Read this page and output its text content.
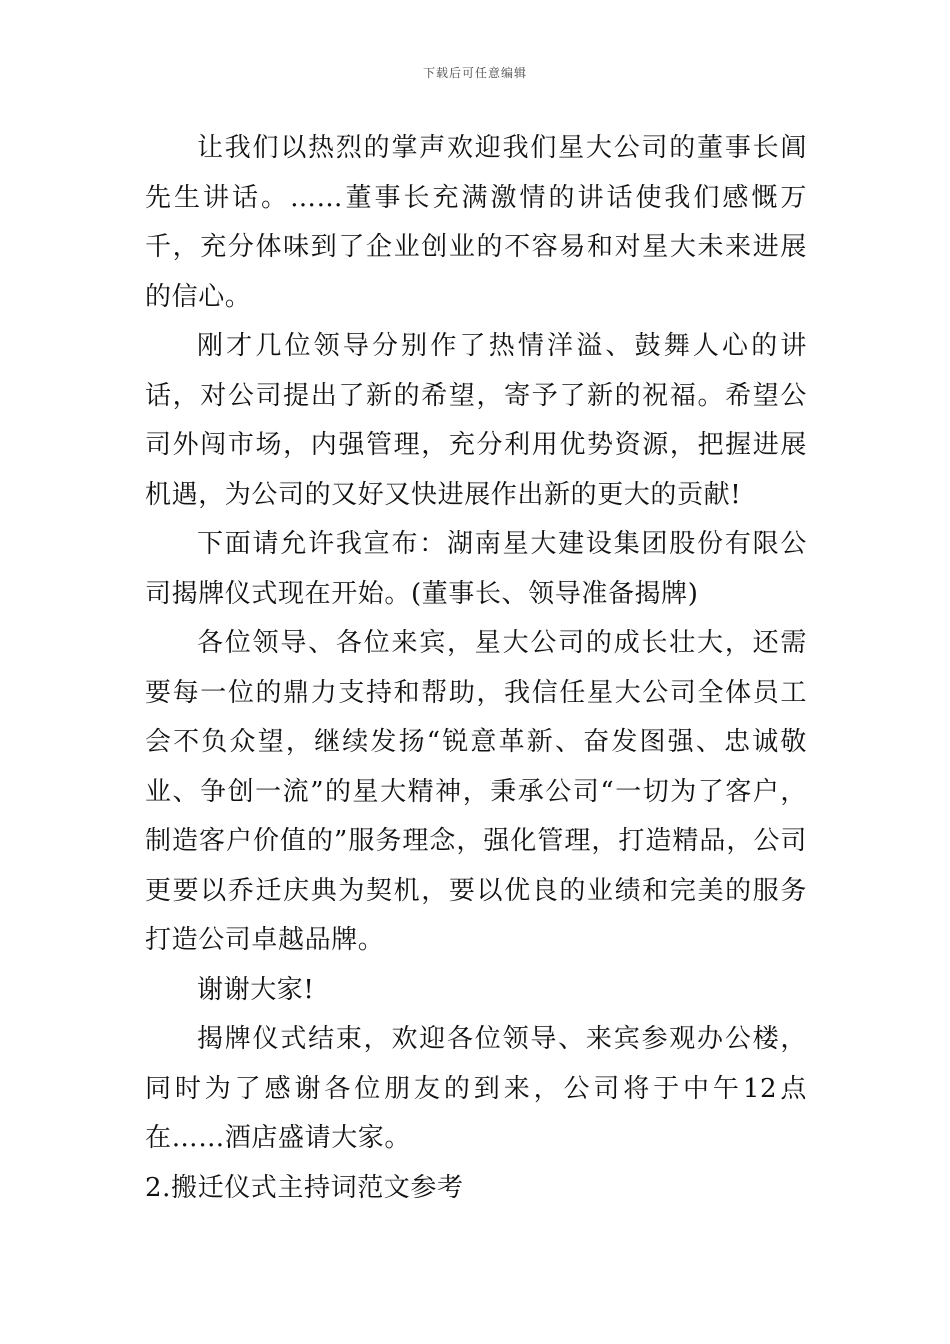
下载后可任意编辑

让我们以热烈的掌声欢迎我们星大公司的董事长阊先生讲话。……董事长充满激情的讲话使我们感慨万千，充分体味到了企业创业的不容易和对星大未来进展的信心。

刚才几位领导分别作了热情洋溢、鼓舞人心的讲话，对公司提出了新的希望，寄予了新的祝福。希望公司外闯市场，内强管理，充分利用优势资源，把握进展机遇，为公司的又好又快进展作出新的更大的贡献!

下面请允许我宣布：湖南星大建设集团股份有限公司揭牌仪式现在开始。(董事长、领导准备揭牌)

各位领导、各位来宾，星大公司的成长壮大，还需要每一位的鼎力支持和帮助，我信任星大公司全体员工会不负众望，继续发扬“锐意革新、奋发图强、忠诚敬业、争创一流”的星大精神，秉承公司“一切为了客户，制造客户价值的”服务理念，强化管理，打造精品，公司更要以乔迁庆典为契机，要以优良的业绩和完美的服务打造公司卓越品牌。

谢谢大家!

揭牌仪式结束，欢迎各位领导、来宾参观办公楼，同时为了感谢各位朋友的到来，公司将于中午12点在……酒店盛请大家。

2.搬迁仪式主持词范文参考
